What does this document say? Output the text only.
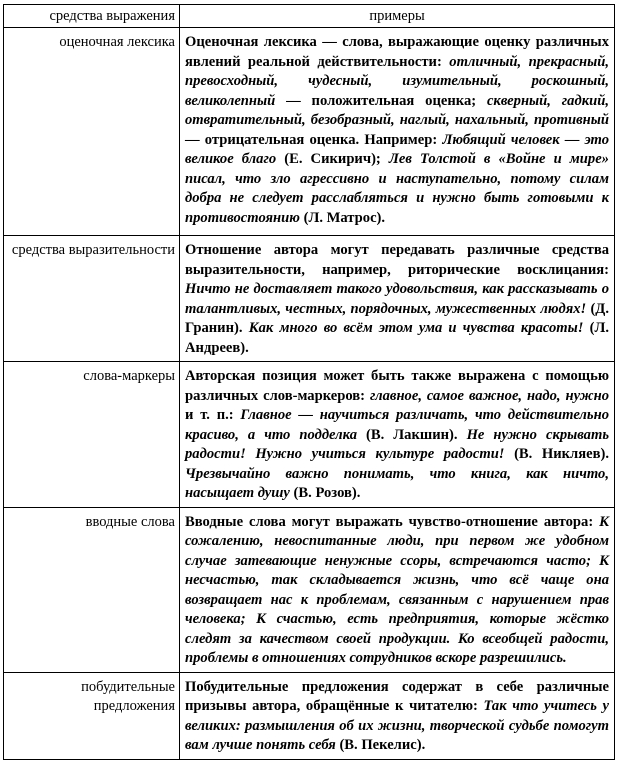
средства выражения	примеры
оценочная лексика	Оценочная лексика — слова, выражающие оценку различных явлений реальной действительности: отличный, прекрасный, превосходный, чудесный, изумительный, роскошный, великолепный — положительная оценка; скверный, гадкий, отвратительный, безобразный, наглый, нахальный, противный — отрицательная оценка. Например: Любящий человек — это великое благо (Е. Сикирич); Лев Толстой в «Войне и мире» писал, что зло агрессивно и наступательно, потому силам добра не следует расслабляться и нужно быть готовыми к противостоянию (Л. Матрос).
средства выразительности	Отношение автора могут передавать различные средства выразительности, например, риторические восклицания: Ничто не доставляет такого удовольствия, как рассказывать о талантливых, честных, порядочных, мужественных людях! (Д. Гранин). Как много во всём этом ума и чувства красоты! (Л. Андреев).
слова-маркеры	Авторская позиция может быть также выражена с помощью различных слов-маркеров: главное, самое важное, надо, нужно и т. п.: Главное — научиться различать, что действительно красиво, а что подделка (В. Лакшин). Не нужно скрывать радости! Нужно учиться культуре радости! (В. Никляев). Чрезвычайно важно понимать, что книга, как ничто, насыщает душу (В. Розов).
вводные слова	Вводные слова могут выражать чувство-отношение автора: К сожалению, невоспитанные люди, при первом же удобном случае затевающие ненужные ссоры, встречаются часто; К несчастью, так складывается жизнь, что всё чаще она возвращает нас к проблемам, связанным с нарушением прав человека; К счастью, есть предприятия, которые жёстко следят за качеством своей продукции. Ко всеобщей радости, проблемы в отношениях сотрудников вскоре разрешились.
побудительные предложения	Побудительные предложения содержат в себе различные призывы автора, обращённые к читателю: Так что учитесь у великих: размышления об их жизни, творческой судьбе помогут вам лучше понять себя (В. Пекелис).
